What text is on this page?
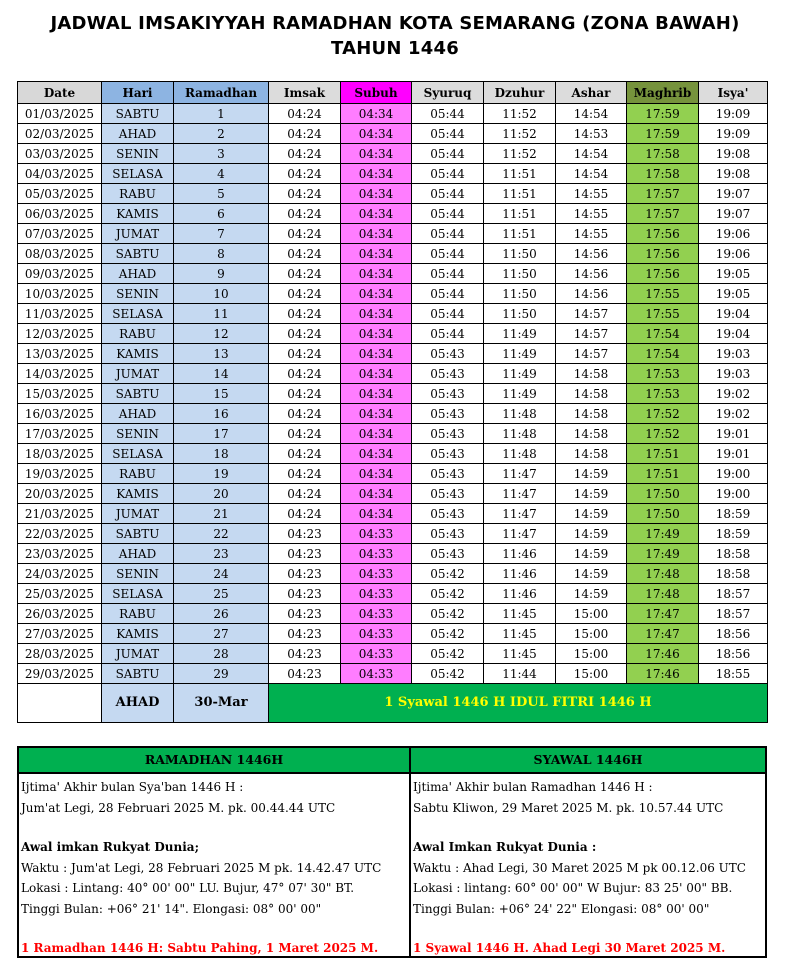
JADWAL IMSAKIYYAH RAMADHAN KOTA SEMARANG (ZONA BAWAH)
TAHUN 1446
Date	Hari	Ramadhan	Imsak	Subuh	Syuruq	Dzuhur	Ashar	Maghrib	Isya'
01/03/2025	SABTU	1	04:24	04:34	05:44	11:52	14:54	17:59	19:09
02/03/2025	AHAD	2	04:24	04:34	05:44	11:52	14:53	17:59	19:09
03/03/2025	SENIN	3	04:24	04:34	05:44	11:52	14:54	17:58	19:08
04/03/2025	SELASA	4	04:24	04:34	05:44	11:51	14:54	17:58	19:08
05/03/2025	RABU	5	04:24	04:34	05:44	11:51	14:55	17:57	19:07
06/03/2025	KAMIS	6	04:24	04:34	05:44	11:51	14:55	17:57	19:07
07/03/2025	JUMAT	7	04:24	04:34	05:44	11:51	14:55	17:56	19:06
08/03/2025	SABTU	8	04:24	04:34	05:44	11:50	14:56	17:56	19:06
09/03/2025	AHAD	9	04:24	04:34	05:44	11:50	14:56	17:56	19:05
10/03/2025	SENIN	10	04:24	04:34	05:44	11:50	14:56	17:55	19:05
11/03/2025	SELASA	11	04:24	04:34	05:44	11:50	14:57	17:55	19:04
12/03/2025	RABU	12	04:24	04:34	05:44	11:49	14:57	17:54	19:04
13/03/2025	KAMIS	13	04:24	04:34	05:43	11:49	14:57	17:54	19:03
14/03/2025	JUMAT	14	04:24	04:34	05:43	11:49	14:58	17:53	19:03
15/03/2025	SABTU	15	04:24	04:34	05:43	11:49	14:58	17:53	19:02
16/03/2025	AHAD	16	04:24	04:34	05:43	11:48	14:58	17:52	19:02
17/03/2025	SENIN	17	04:24	04:34	05:43	11:48	14:58	17:52	19:01
18/03/2025	SELASA	18	04:24	04:34	05:43	11:48	14:58	17:51	19:01
19/03/2025	RABU	19	04:24	04:34	05:43	11:47	14:59	17:51	19:00
20/03/2025	KAMIS	20	04:24	04:34	05:43	11:47	14:59	17:50	19:00
21/03/2025	JUMAT	21	04:24	04:34	05:43	11:47	14:59	17:50	18:59
22/03/2025	SABTU	22	04:23	04:33	05:43	11:47	14:59	17:49	18:59
23/03/2025	AHAD	23	04:23	04:33	05:43	11:46	14:59	17:49	18:58
24/03/2025	SENIN	24	04:23	04:33	05:42	11:46	14:59	17:48	18:58
25/03/2025	SELASA	25	04:23	04:33	05:42	11:46	14:59	17:48	18:57
26/03/2025	RABU	26	04:23	04:33	05:42	11:45	15:00	17:47	18:57
27/03/2025	KAMIS	27	04:23	04:33	05:42	11:45	15:00	17:47	18:56
28/03/2025	JUMAT	28	04:23	04:33	05:42	11:45	15:00	17:46	18:56
29/03/2025	SABTU	29	04:23	04:33	05:42	11:44	15:00	17:46	18:55
	AHAD	30-Mar	1 Syawal 1446 H IDUL FITRI 1446 H						
RAMADHAN 1446H
Ijtima' Akhir bulan Sya'ban 1446 H :
Jum'at Legi, 28 Februari 2025 M. pk. 00.44.44 UTC
Awal imkan Rukyat Dunia;
Waktu : Jum'at Legi, 28 Februari 2025 M pk. 14.42.47 UTC
Lokasi : Lintang: 40° 00' 00" LU. Bujur, 47° 07' 30" BT.
Tinggi Bulan: +06° 21' 14". Elongasi: 08° 00' 00"
1 Ramadhan 1446 H: Sabtu Pahing, 1 Maret 2025 M.
SYAWAL 1446H
Ijtima' Akhir bulan Ramadhan 1446 H :
Sabtu Kliwon, 29 Maret 2025 M. pk. 10.57.44 UTC
Awal Imkan Rukyat Dunia :
Waktu : Ahad Legi, 30 Maret 2025 M pk 00.12.06 UTC
Lokasi : lintang: 60° 00' 00" W Bujur: 83 25' 00" BB.
Tinggi Bulan: +06° 24' 22" Elongasi: 08° 00' 00"
1 Syawal 1446 H. Ahad Legi 30 Maret 2025 M.
